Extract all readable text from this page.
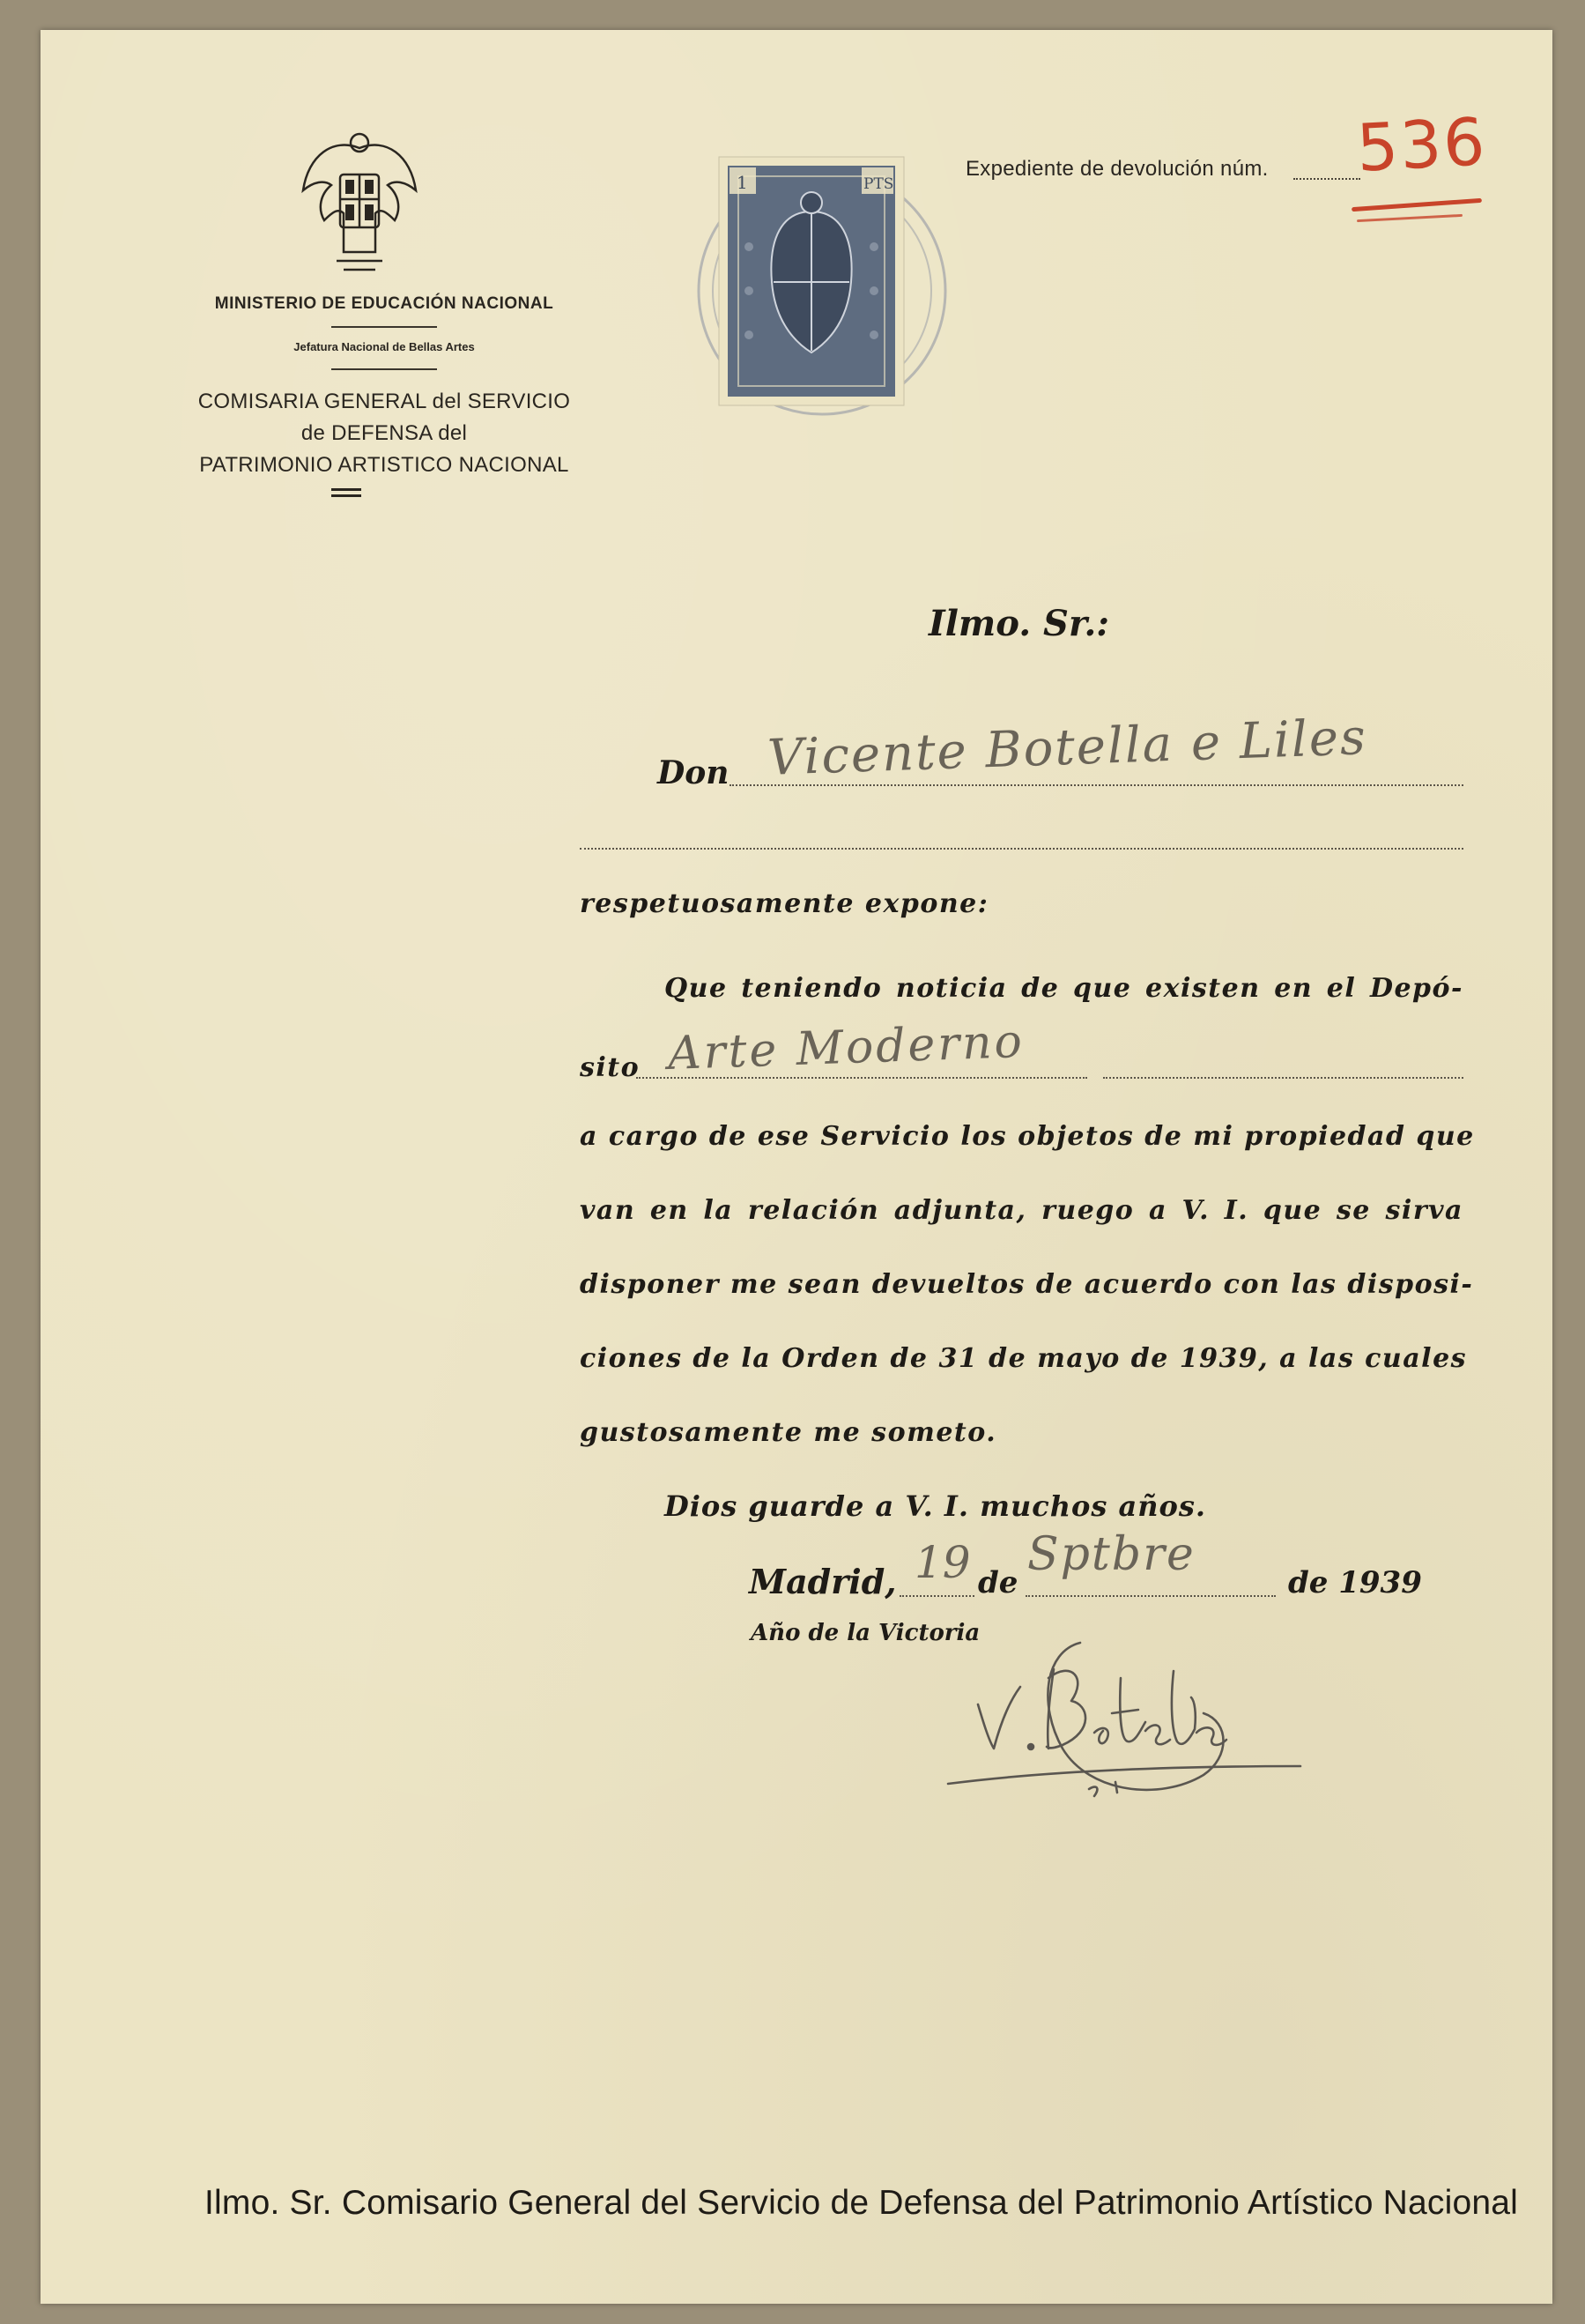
MINISTERIO DE EDUCACIÓN NACIONAL
Jefatura Nacional de Bellas Artes
COMISARIA GENERAL del SERVICIO
de DEFENSA del
PATRIMONIO ARTISTICO NACIONAL
1	PTS
Expediente de devolución núm. 536
Ilmo. Sr.:
Don Vicente Botella e Liles
respetuosamente expone:
Que teniendo noticia de que existen en el Depó-
sito Arte Moderno
a cargo de ese Servicio los objetos de mi propiedad que
van en la relación adjunta, ruego a V. I. que se sirva
disponer me sean devueltos de acuerdo con las disposi-
ciones de la Orden de 31 de mayo de 1939, a las cuales
gustosamente me someto.
Dios guarde a V. I. muchos años.
Madrid, 19 de
Sptbre
de 1939
Año de la Victoria
Ilmo. Sr. Comisario General del Servicio de Defensa del Patrimonio Artístico Nacional
